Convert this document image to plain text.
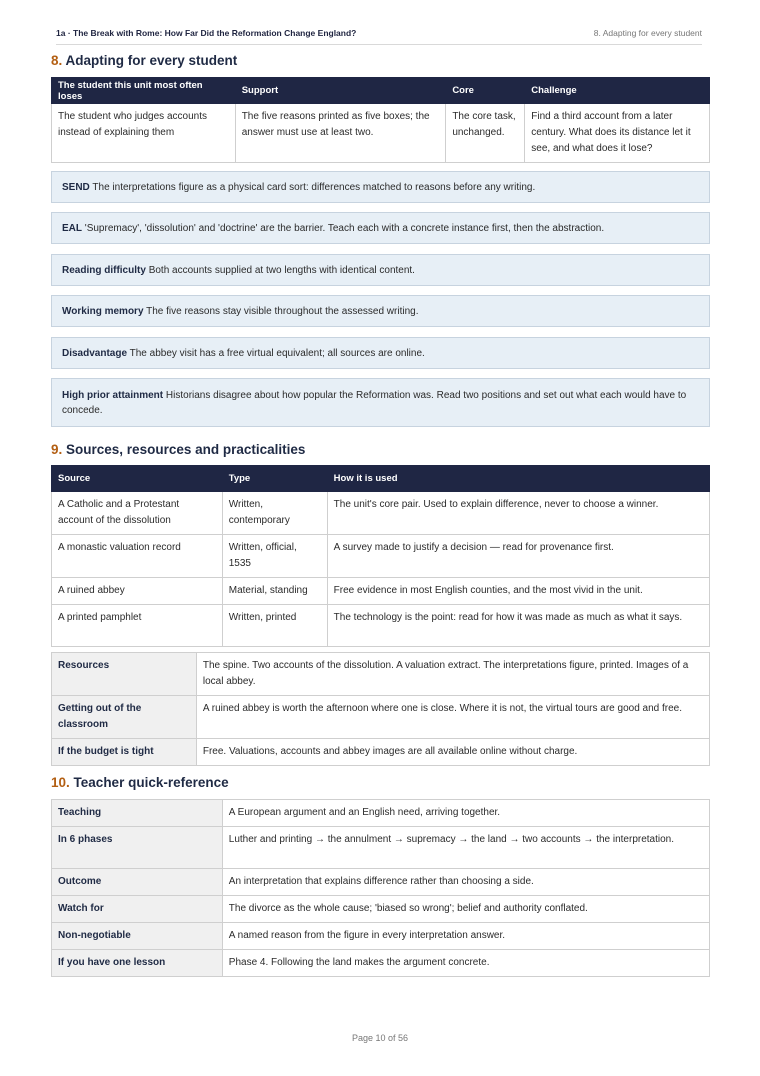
1a · The Break with Rome: How Far Did the Reformation Change England?	8. Adapting for every student
8. Adapting for every student
The student this unit most often loses	Support	Core	Challenge
The student who judges accounts instead of explaining them	The five reasons printed as five boxes; the answer must use at least two.	The core task, unchanged.	Find a third account from a later century. What does its distance let it see, and what does it lose?
SEND The interpretations figure as a physical card sort: differences matched to reasons before any writing.
EAL 'Supremacy', 'dissolution' and 'doctrine' are the barrier. Teach each with a concrete instance first, then the abstraction.
Reading difficulty Both accounts supplied at two lengths with identical content.
Working memory The five reasons stay visible throughout the assessed writing.
Disadvantage The abbey visit has a free virtual equivalent; all sources are online.
High prior attainment Historians disagree about how popular the Reformation was. Read two positions and set out what each would have to concede.
9. Sources, resources and practicalities
Source	Type	How it is used
A Catholic and a Protestant account of the dissolution	Written, contemporary	The unit's core pair. Used to explain difference, never to choose a winner.
A monastic valuation record	Written, official, 1535	A survey made to justify a decision — read for provenance first.
A ruined abbey	Material, standing	Free evidence in most English counties, and the most vivid in the unit.
A printed pamphlet	Written, printed	The technology is the point: read for how it was made as much as what it says.
Resources	The spine. Two accounts of the dissolution. A valuation extract. The interpretations figure, printed. Images of a local abbey.
Getting out of the classroom	A ruined abbey is worth the afternoon where one is close. Where it is not, the virtual tours are good and free.
If the budget is tight	Free. Valuations, accounts and abbey images are all available online without charge.
10. Teacher quick-reference
Teaching	A European argument and an English need, arriving together.
In 6 phases	Luther and printing → the annulment → supremacy → the land → two accounts → the interpretation.
Outcome	An interpretation that explains difference rather than choosing a side.
Watch for	The divorce as the whole cause; 'biased so wrong'; belief and authority conflated.
Non-negotiable	A named reason from the figure in every interpretation answer.
If you have one lesson	Phase 4. Following the land makes the argument concrete.
Page 10 of 56
